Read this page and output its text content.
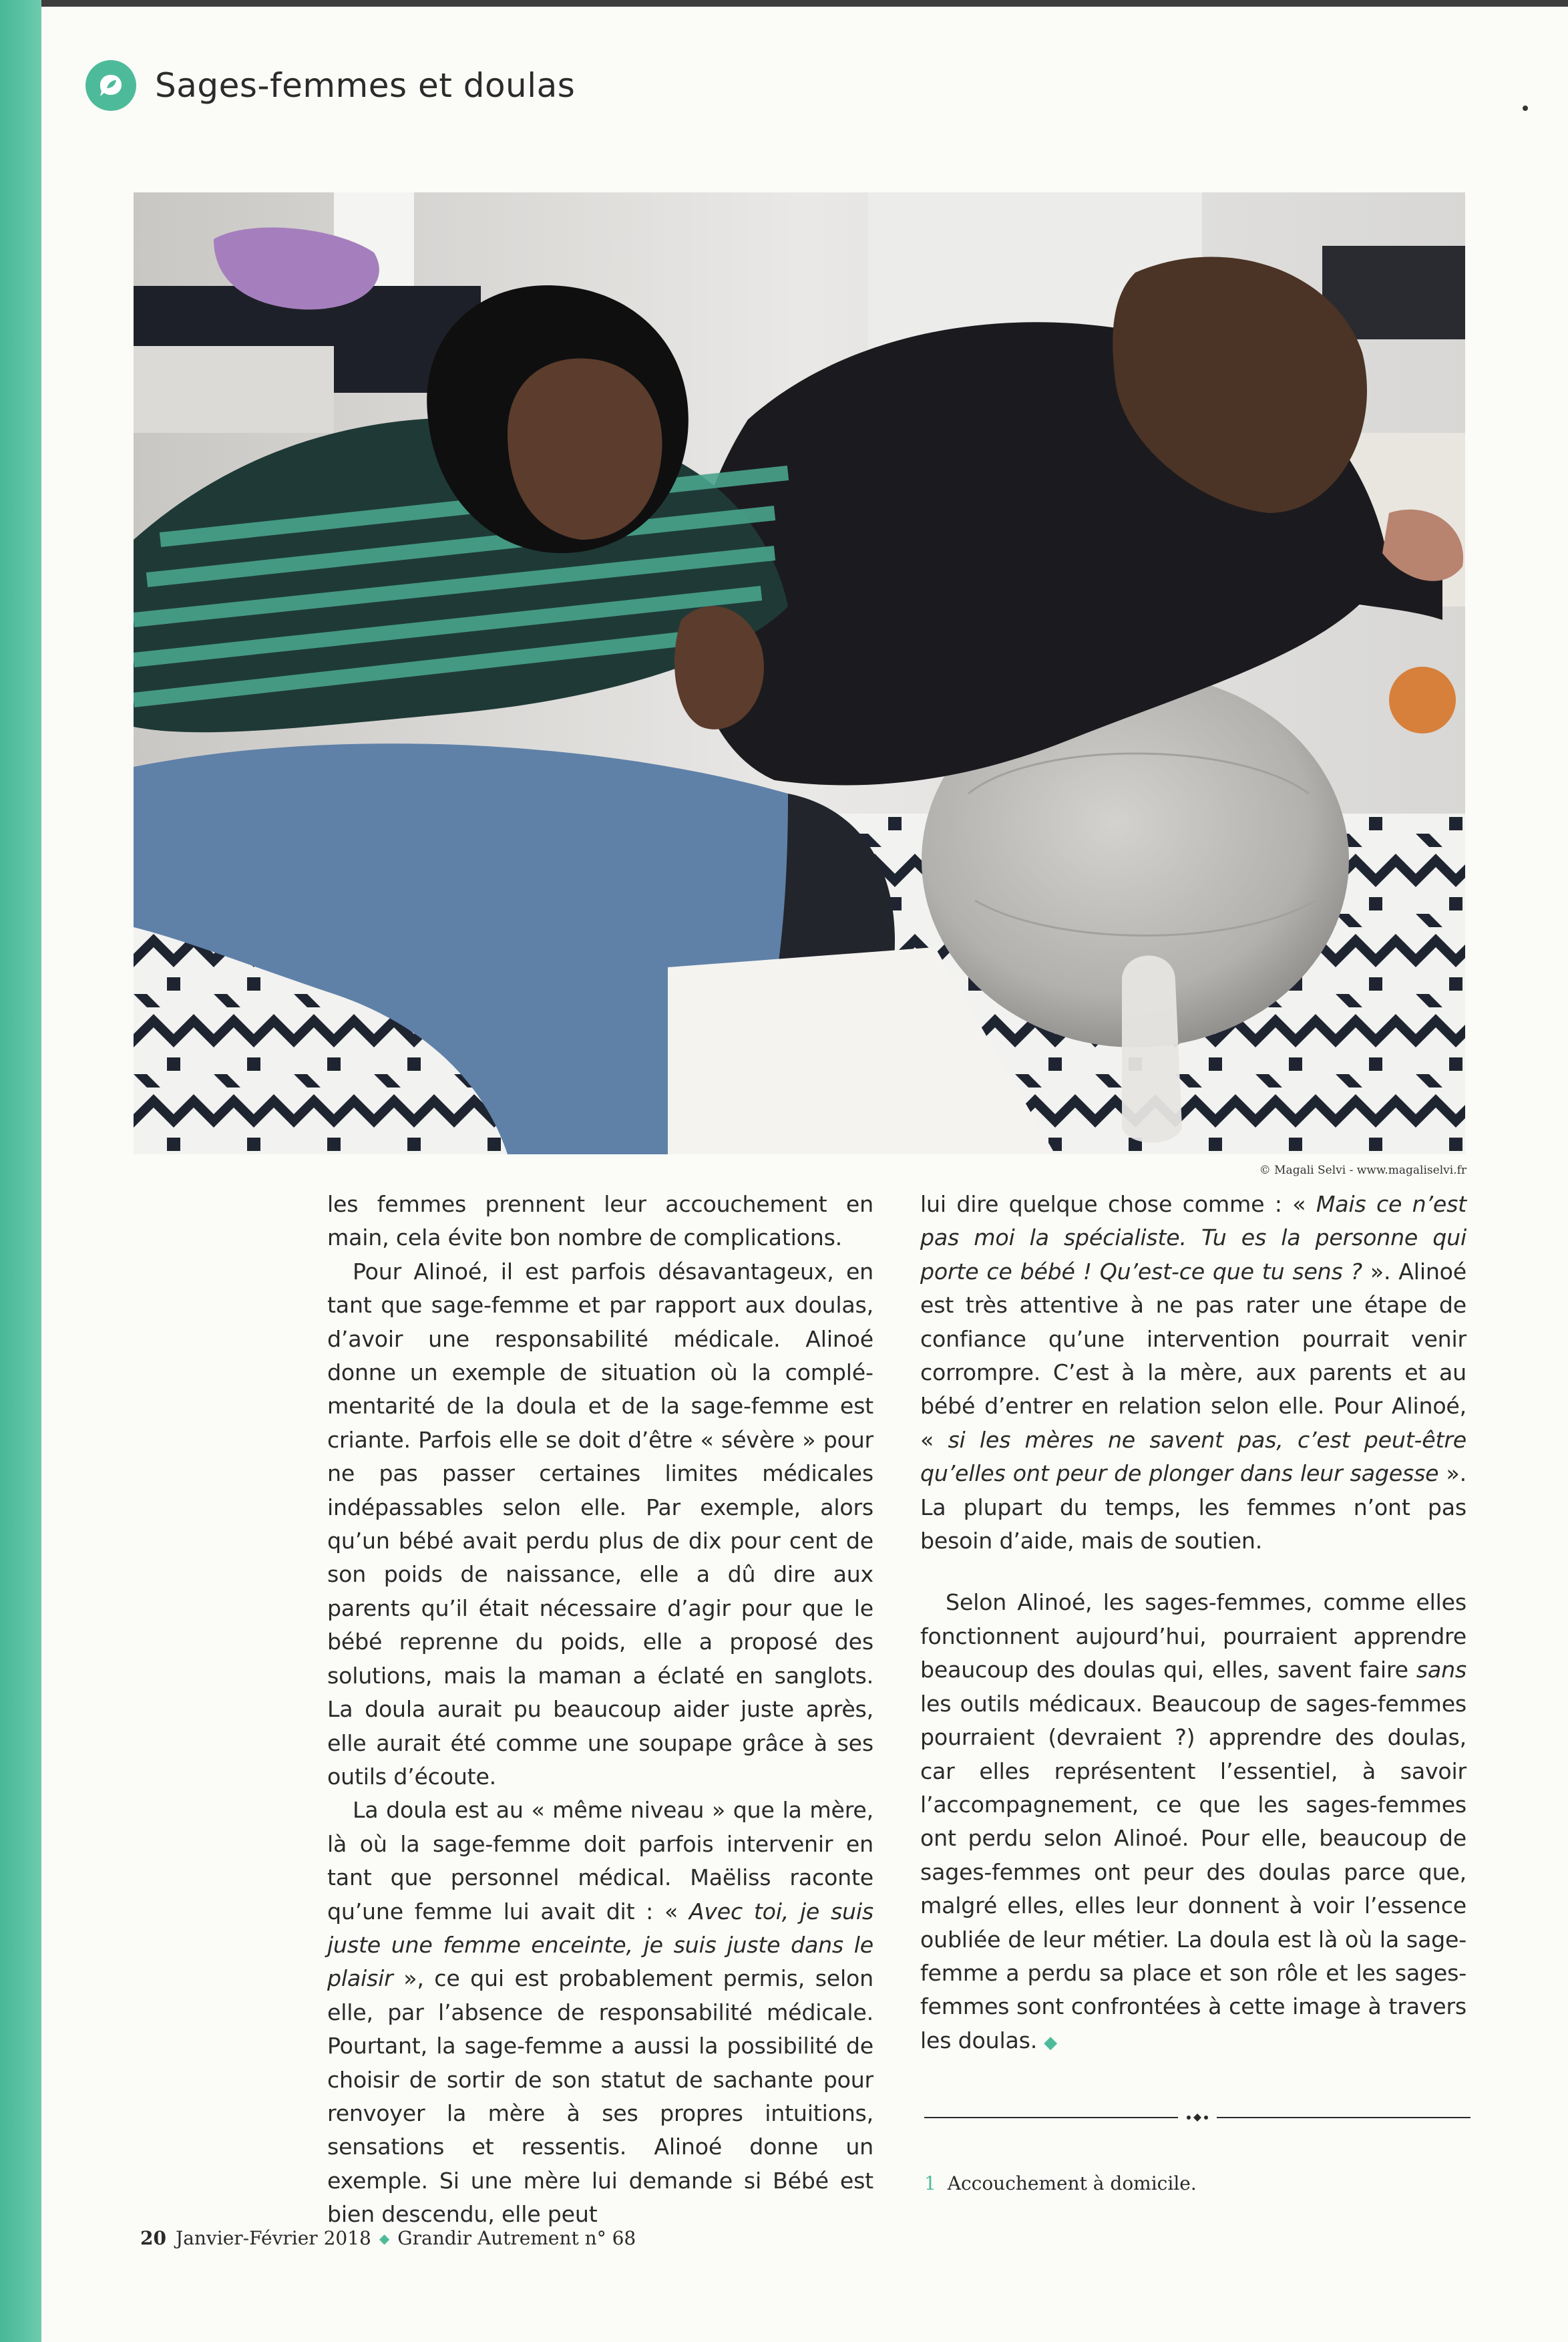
Sages-femmes et doulas
© Magali Selvi - www.magaliselvi.fr

les femmes prennent leur accouchement en main, cela évite bon nombre de complications.

Pour Alinoé, il est parfois désavantageux, en tant que sage-femme et par rapport aux doulas, d’avoir une responsabilité médicale. Alinoé donne un exemple de situation où la complémentarité de la doula et de la sage-femme est criante. Parfois elle se doit d’être « sévère » pour ne pas passer certaines limites médicales indépassables selon elle. Par exemple, alors qu’un bébé avait perdu plus de dix pour cent de son poids de naissance, elle a dû dire aux parents qu’il était nécessaire d’agir pour que le bébé reprenne du poids, elle a proposé des solutions, mais la maman a éclaté en sanglots. La doula aurait pu beaucoup aider juste après, elle aurait été comme une soupape grâce à ses outils d’écoute.

La doula est au « même niveau » que la mère, là où la sage-femme doit parfois intervenir en tant que personnel médical. Maëliss raconte qu’une femme lui avait dit : « Avec toi, je suis juste une femme enceinte, je suis juste dans le plaisir », ce qui est probablement permis, selon elle, par l’absence de responsabilité médicale. Pourtant, la sage-femme a aussi la possibilité de choisir de sortir de son statut de sachante pour renvoyer la mère à ses propres intuitions, sensations et ressentis. Alinoé donne un exemple. Si une mère lui demande si Bébé est bien descendu, elle peut

lui dire quelque chose comme : « Mais ce n’est pas moi la spécialiste. Tu es la personne qui porte ce bébé ! Qu’est-ce que tu sens ? ». Alinoé est très attentive à ne pas rater une étape de confiance qu’une intervention pourrait venir corrompre. C’est à la mère, aux parents et au bébé d’entrer en relation selon elle. Pour Alinoé, « si les mères ne savent pas, c’est peut-être qu’elles ont peur de plonger dans leur sagesse ». La plupart du temps, les femmes n’ont pas besoin d’aide, mais de soutien.

Selon Alinoé, les sages-femmes, comme elles fonctionnent aujourd’hui, pourraient apprendre beaucoup des doulas qui, elles, savent faire sans les outils médicaux. Beaucoup de sages-femmes pourraient (devraient ?) apprendre des doulas, car elles représentent l’essentiel, à savoir l’accompagnement, ce que les sages-femmes ont perdu selon Alinoé. Pour elle, beaucoup de sages-femmes ont peur des doulas parce que, malgré elles, elles leur donnent à voir l’essence oubliée de leur métier. La doula est là où la sage-femme a perdu sa place et son rôle et les sages-femmes sont confrontées à cette image à travers les doulas. ◆

1 Accouchement à domicile.
20 Janvier-Février 2018 ◆ Grandir Autrement n° 68
